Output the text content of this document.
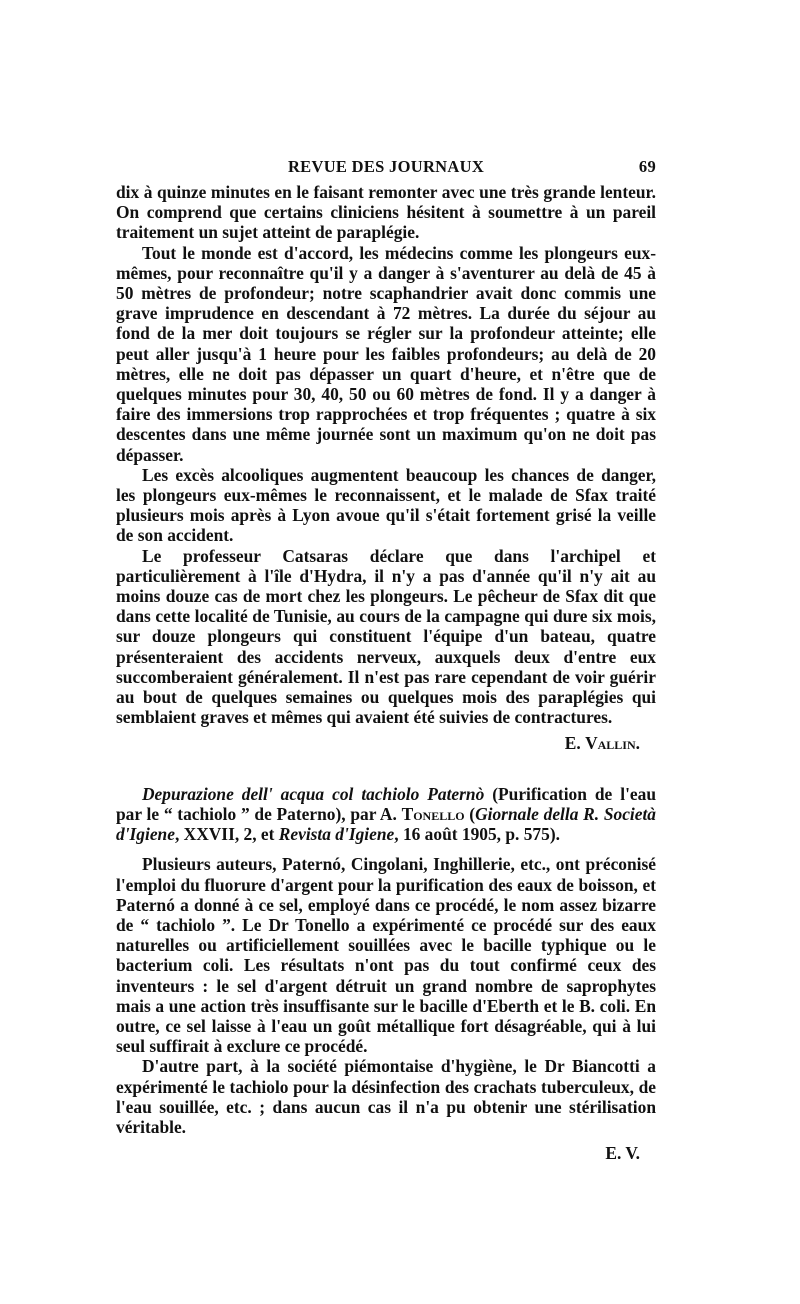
REVUE DES JOURNAUX	69

dix à quinze minutes en le faisant remonter avec une très grande lenteur. On comprend que certains cliniciens hésitent à soumettre à un pareil traitement un sujet atteint de paraplégie.

Tout le monde est d'accord, les médecins comme les plongeurs eux-mêmes, pour reconnaître qu'il y a danger à s'aventurer au delà de 45 à 50 mètres de profondeur; notre scaphandrier avait donc commis une grave imprudence en descendant à 72 mètres. La durée du séjour au fond de la mer doit toujours se régler sur la profondeur atteinte; elle peut aller jusqu'à 1 heure pour les faibles profondeurs; au delà de 20 mètres, elle ne doit pas dépasser un quart d'heure, et n'être que de quelques minutes pour 30, 40, 50 ou 60 mètres de fond. Il y a danger à faire des immersions trop rapprochées et trop fréquentes ; quatre à six descentes dans une même journée sont un maximum qu'on ne doit pas dépasser.

Les excès alcooliques augmentent beaucoup les chances de danger, les plongeurs eux-mêmes le reconnaissent, et le malade de Sfax traité plusieurs mois après à Lyon avoue qu'il s'était fortement grisé la veille de son accident.

Le professeur Catsaras déclare que dans l'archipel et particulièrement à l'île d'Hydra, il n'y a pas d'année qu'il n'y ait au moins douze cas de mort chez les plongeurs. Le pêcheur de Sfax dit que dans cette localité de Tunisie, au cours de la campagne qui dure six mois, sur douze plongeurs qui constituent l'équipe d'un bateau, quatre présenteraient des accidents nerveux, auxquels deux d'entre eux succomberaient généralement. Il n'est pas rare cependant de voir guérir au bout de quelques semaines ou quelques mois des paraplégies qui semblaient graves et mêmes qui avaient été suivies de contractures.

E. Vallin.

Depurazione dell' acqua col tachiolo Paternò (Purification de l'eau par le “ tachiolo ” de Paterno), par A. Tonello (Giornale della R. Società d'Igiene, XXVII, 2, et Revista d'Igiene, 16 août 1905, p. 575).

Plusieurs auteurs, Paternó, Cingolani, Inghillerie, etc., ont préconisé l'emploi du fluorure d'argent pour la purification des eaux de boisson, et Paternó a donné à ce sel, employé dans ce procédé, le nom assez bizarre de “ tachiolo ”. Le Dr Tonello a expérimenté ce procédé sur des eaux naturelles ou artificiellement souillées avec le bacille typhique ou le bacterium coli. Les résultats n'ont pas du tout confirmé ceux des inventeurs : le sel d'argent détruit un grand nombre de saprophytes mais a une action très insuffisante sur le bacille d'Eberth et le B. coli. En outre, ce sel laisse à l'eau un goût métallique fort désagréable, qui à lui seul suffirait à exclure ce procédé.

D'autre part, à la société piémontaise d'hygiène, le Dr Biancotti a expérimenté le tachiolo pour la désinfection des crachats tuberculeux, de l'eau souillée, etc. ; dans aucun cas il n'a pu obtenir une stérilisation véritable.

E. V.
